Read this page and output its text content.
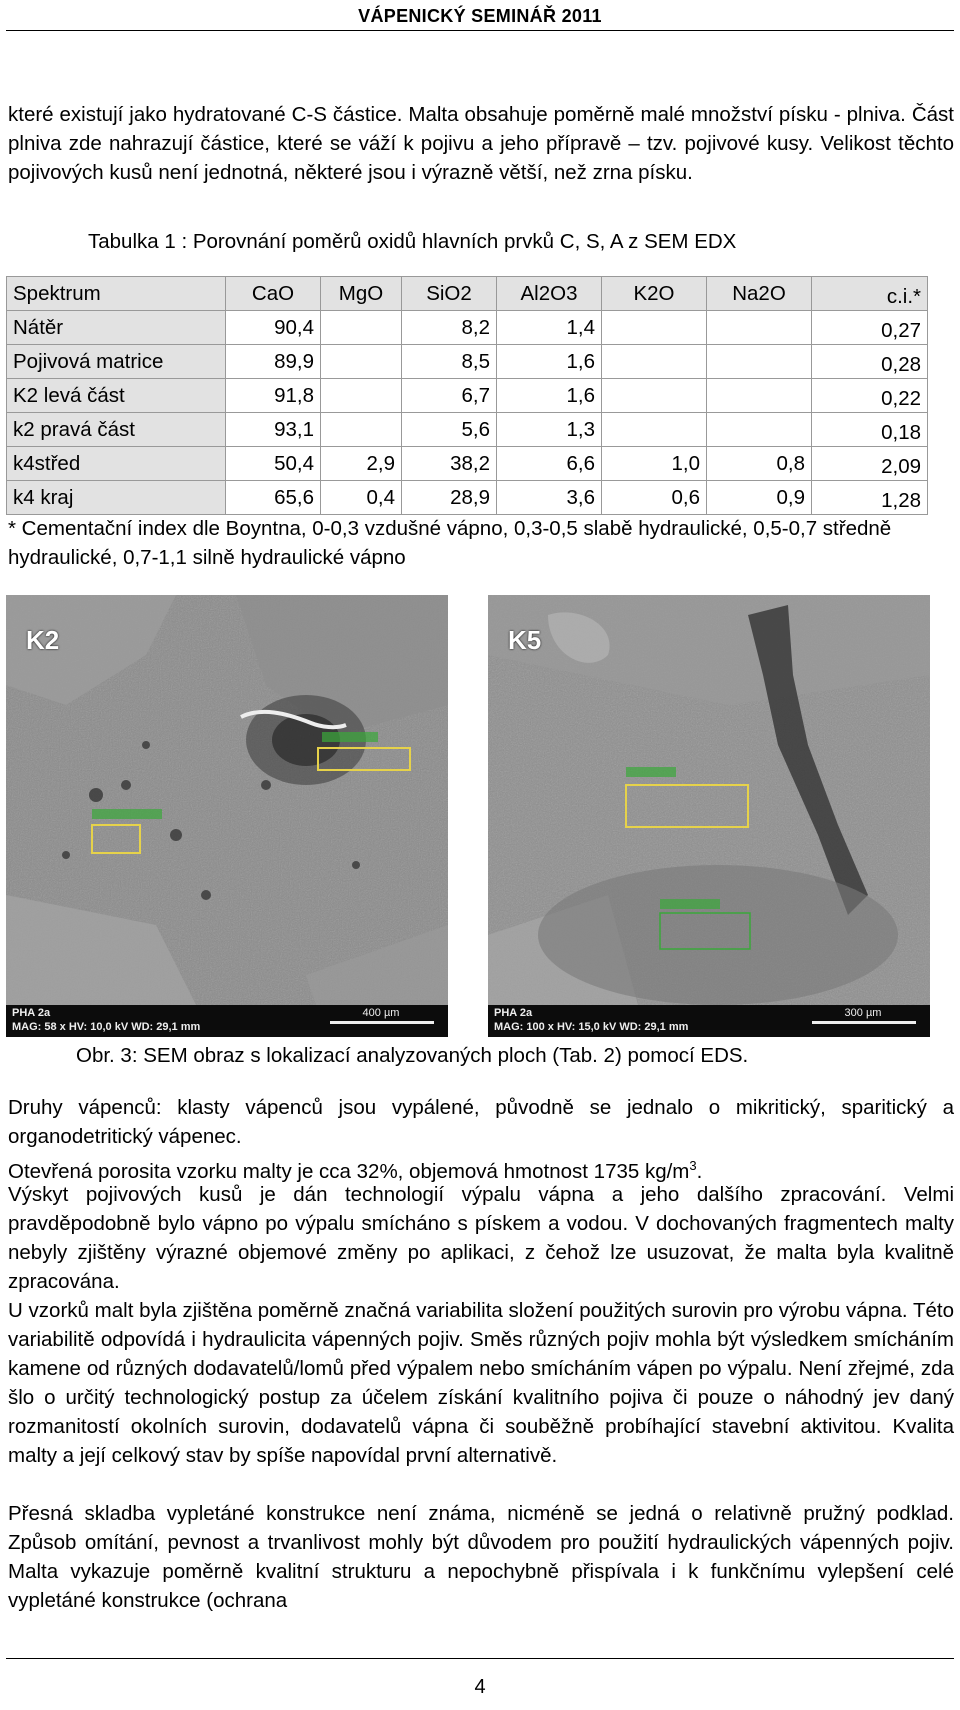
VÁPENICKÝ SEMINÁŘ 2011

které existují jako hydratované C-S částice. Malta obsahuje poměrně malé množství písku - plniva. Část plniva zde nahrazují částice, které se váží k pojivu a jeho přípravě – tzv. pojivové kusy. Velikost těchto pojivových kusů není jednotná, některé jsou i výrazně větší, než zrna písku.

Tabulka 1 : Porovnání poměrů oxidů hlavních prvků C, S, A z SEM EDX
Spektrum	CaO	MgO	SiO2	Al2O3	K2O	Na2O	c.i.*
Nátěr	90,4		8,2	1,4			0,27
Pojivová matrice	89,9		8,5	1,6			0,28
K2 levá část	91,8		6,7	1,6			0,22
k2 pravá část	93,1		5,6	1,3			0,18
k4střed	50,4	2,9	38,2	6,6	1,0	0,8	2,09
k4 kraj	65,6	0,4	28,9	3,6	0,6	0,9	1,28

* Cementační index dle Boyntna, 0-0,3 vzdušné vápno, 0,3-0,5 slabě hydraulické, 0,5-0,7 středně hydraulické, 0,7-1,1 silně hydraulické vápno

K2
PHA 2a
MAG: 58 x HV: 10,0 kV WD: 29,1 mm
400 µm
K5
PHA 2a
MAG: 100 x HV: 15,0 kV WD: 29,1 mm
300 µm
Obr. 3: SEM obraz s lokalizací analyzovaných ploch (Tab. 2) pomocí EDS.

Druhy vápenců: klasty vápenců jsou vypálené, původně se jednalo o mikritický, sparitický a organodetritický vápenec.

Otevřená porosita vzorku malty je cca 32%, objemová hmotnost 1735 $kg/m^3$.

Výskyt pojivových kusů je dán technologií výpalu vápna a jeho dalšího zpracování. Velmi pravděpodobně bylo vápno po výpalu smícháno s pískem a vodou. V dochovaných fragmentech malty nebyly zjištěny výrazné objemové změny po aplikaci, z čehož lze usuzovat, že malta byla kvalitně zpracována.

U vzorků malt byla zjištěna poměrně značná variabilita složení použitých surovin pro výrobu vápna. Této variabilitě odpovídá i hydraulicita vápenných pojiv. Směs různých pojiv mohla být výsledkem smícháním kamene od různých dodavatelů/lomů před výpalem nebo smícháním vápen po výpalu. Není zřejmé, zda šlo o určitý technologický postup za účelem získání kvalitního pojiva či pouze o náhodný jev daný rozmanitostí okolních surovin, dodavatelů vápna či souběžně probíhající stavební aktivitou. Kvalita malty a její celkový stav by spíše napovídal první alternativě.

Přesná skladba vypletáné konstrukce není známa, nicméně se jedná o relativně pružný podklad. Způsob omítání, pevnost a trvanlivost mohly být důvodem pro použití hydraulických vápenných pojiv. Malta vykazuje poměrně kvalitní strukturu a nepochybně přispívala i k funkčnímu vylepšení celé vypletáné konstrukce (ochrana

4
